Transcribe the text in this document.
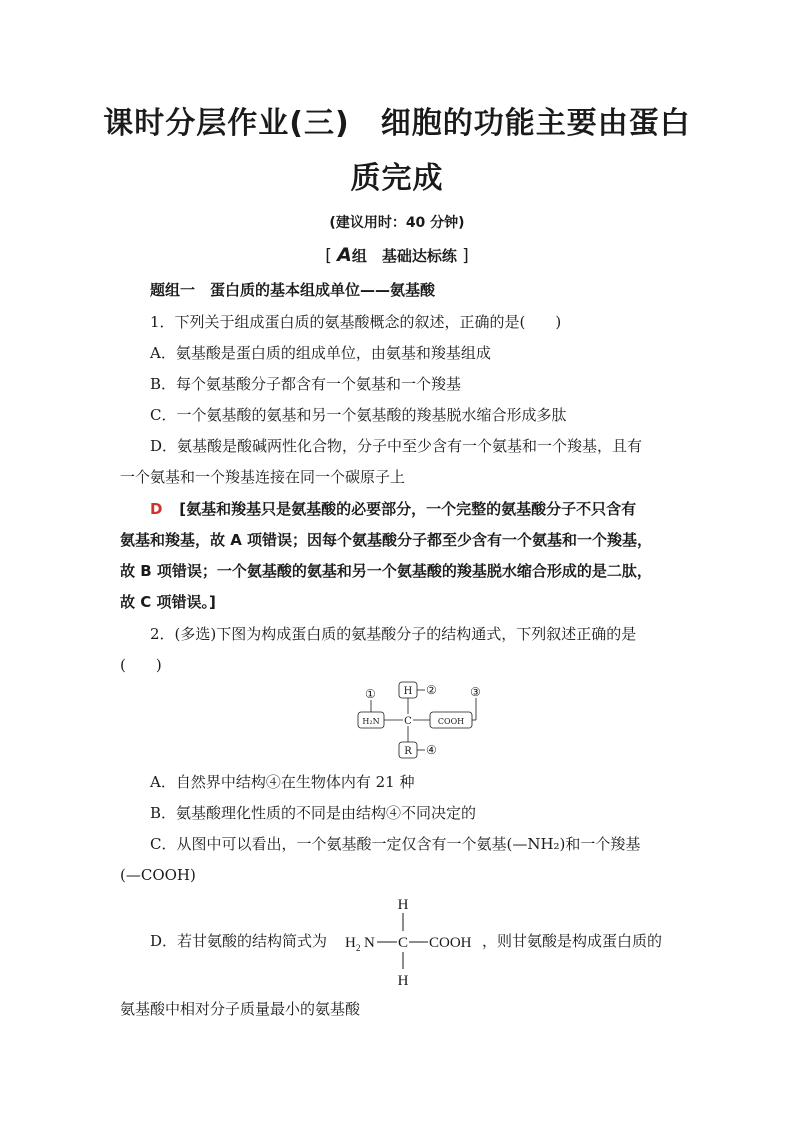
课时分层作业(三)　细胞的功能主要由蛋白
质完成
(建议用时：40 分钟)
[ A组　基础达标练 ]
题组一　蛋白质的基本组成单位——氨基酸
1．下列关于组成蛋白质的氨基酸概念的叙述，正确的是(　　)
A．氨基酸是蛋白质的组成单位，由氨基和羧基组成
B．每个氨基酸分子都含有一个氨基和一个羧基
C．一个氨基酸的氨基和另一个氨基酸的羧基脱水缩合形成多肽
D．氨基酸是酸碱两性化合物，分子中至少含有一个氨基和一个羧基，且有
一个氨基和一个羧基连接在同一个碳原子上
D [氨基和羧基只是氨基酸的必要部分，一个完整的氨基酸分子不只含有
氨基和羧基，故 A 项错误；因每个氨基酸分子都至少含有一个氨基和一个羧基，
故 B 项错误；一个氨基酸的氨基和另一个氨基酸的羧基脱水缩合形成的是二肽，
故 C 项错误。]
2．(多选)下图为构成蛋白质的氨基酸分子的结构通式，下列叙述正确的是
(　　)
H
H₂N C	COOH
R
①	②	③
④
A．自然界中结构④在生物体内有 21 种
B．氨基酸理化性质的不同是由结构④不同决定的
C．从图中可以看出，一个氨基酸一定仅含有一个氨基(—NH₂)和一个羧基
(—COOH)
D．若甘氨酸的结构简式为
H
H
H 2 N C COOH ，则甘氨酸是构成蛋白质的
氨基酸中相对分子质量最小的氨基酸
